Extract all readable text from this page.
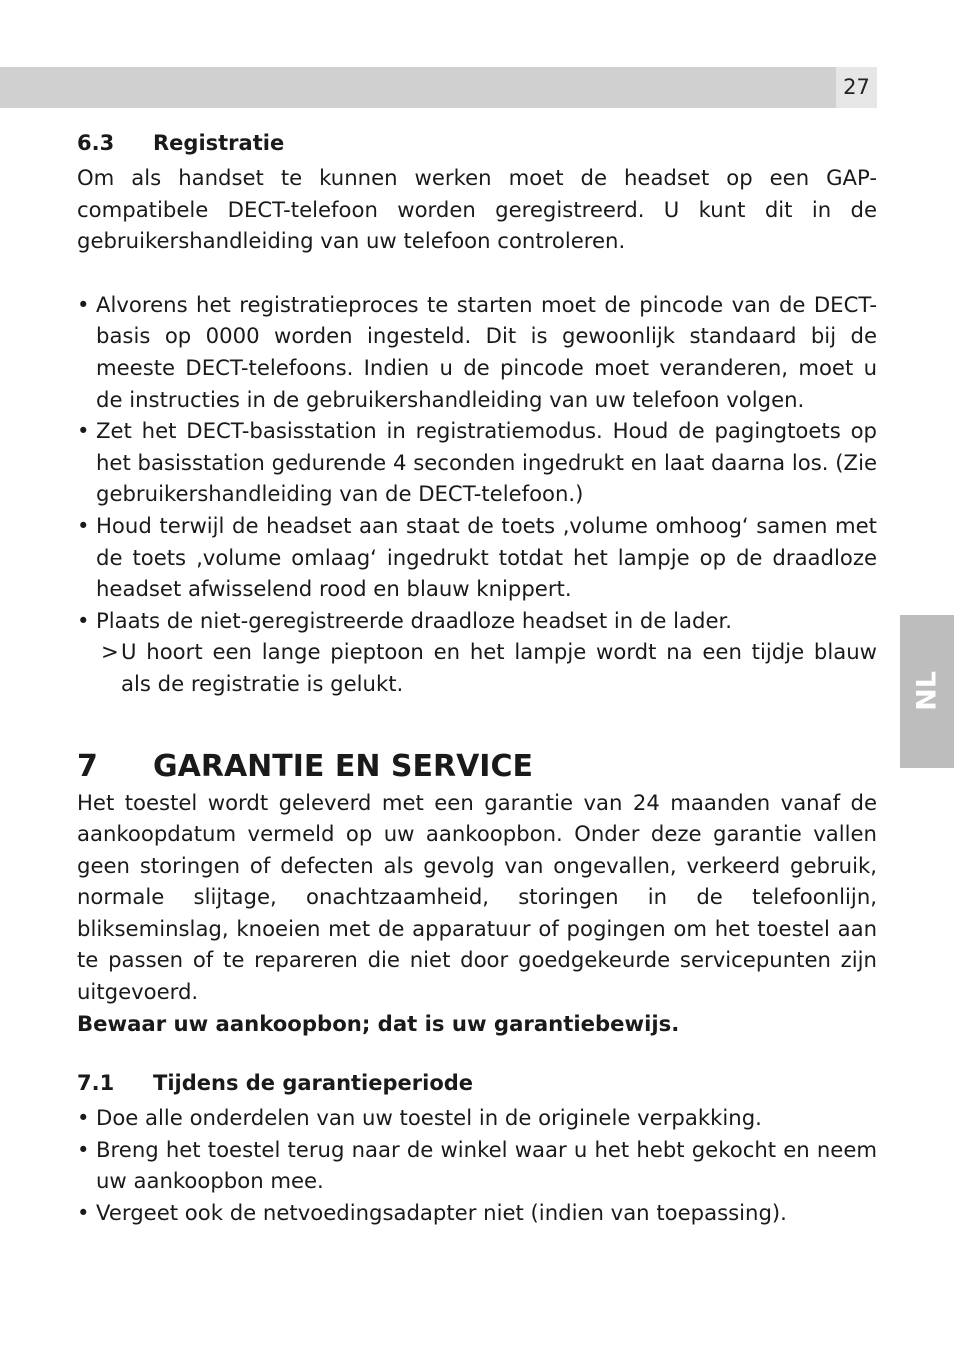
27
NL
6.3 Registratie

Om als handset te kunnen werken moet de headset op een GAP-compatibele DECT-telefoon worden geregistreerd. U kunt dit in de gebruikershandleiding van uw telefoon controleren.

• Alvorens het registratieproces te starten moet de pincode van de DECT-basis op 0000 worden ingesteld. Dit is gewoonlijk standaard bij de meeste DECT-telefoons. Indien u de pincode moet veranderen, moet u de instructies in de gebruikershandleiding van uw telefoon volgen.
• Zet het DECT-basisstation in registratiemodus. Houd de pagingtoets op het basisstation gedurende 4 seconden ingedrukt en laat daarna los. (Zie gebruikershandleiding van de DECT-telefoon.)
• Houd terwijl de headset aan staat de toets ‚volume omhoog‘ samen met de toets ‚volume omlaag‘ ingedrukt totdat het lampje op de draadloze headset afwisselend rood en blauw knippert.
• Plaats de niet-geregistreerde draadloze headset in de lader.
> U hoort een lange pieptoon en het lampje wordt na een tijdje blauw als de registratie is gelukt.
7 GARANTIE EN SERVICE

Het toestel wordt geleverd met een garantie van 24 maanden vanaf de aankoopdatum vermeld op uw aankoopbon. Onder deze garantie vallen geen storingen of defecten als gevolg van ongevallen, verkeerd gebruik, normale slijtage, onachtzaamheid, storingen in de telefoonlijn, blikseminslag, knoeien met de apparatuur of pogingen om het toestel aan te passen of te repareren die niet door goedgekeurde servicepunten zijn uitgevoerd.

Bewaar uw aankoopbon; dat is uw garantiebewijs.

7.1 Tijdens de garantieperiode
• Doe alle onderdelen van uw toestel in de originele verpakking.
• Breng het toestel terug naar de winkel waar u het hebt gekocht en neem uw aankoopbon mee.
• Vergeet ook de netvoedingsadapter niet (indien van toepassing).
